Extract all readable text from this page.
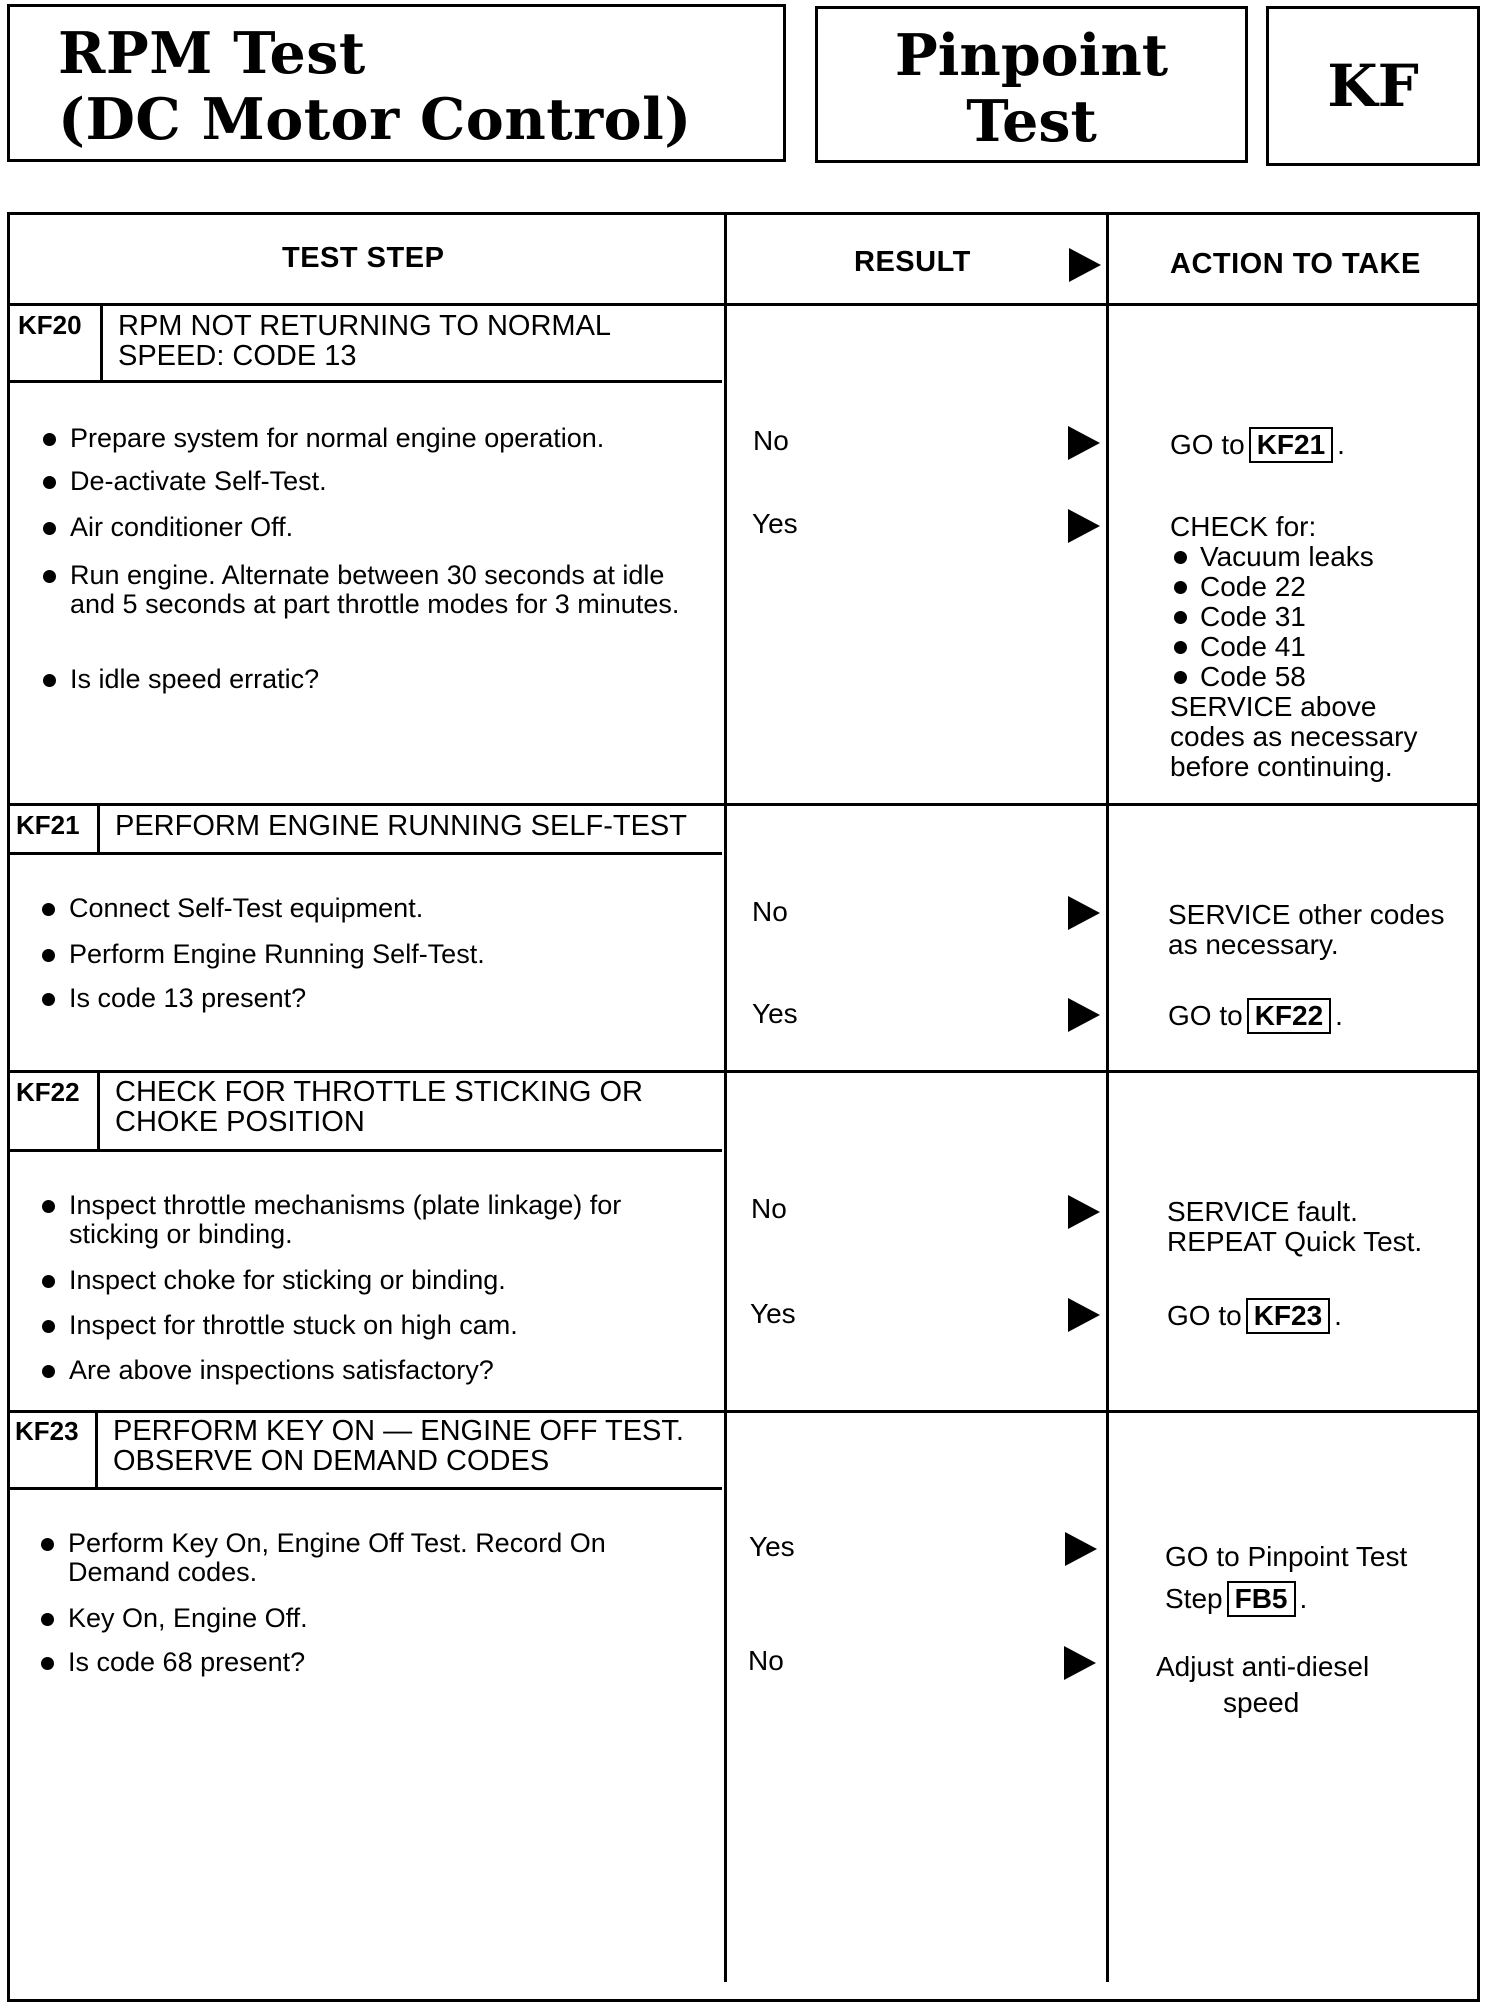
RPM Test
(DC Motor Control)
Pinpoint
Test
KF
TEST STEP	RESULT	ACTION TO TAKE
KF20 RPM NOT RETURNING TO NORMAL
SPEED: CODE 13
Prepare system for normal engine operation.
De-activate Self-Test.
Air conditioner Off.
Run engine. Alternate between 30 seconds at idle and 5 seconds at part throttle modes for 3 minutes.
Is idle speed erratic?
No	GO to KF21 .
Yes	CHECK for:
Vacuum leaks
Code 22
Code 31
Code 41
Code 58
SERVICE above
codes as necessary
before continuing.
KF21 PERFORM ENGINE RUNNING SELF-TEST
Connect Self-Test equipment.
Perform Engine Running Self-Test.
Is code 13 present?
No	SERVICE other codes
as necessary.
Yes	GO to KF22 .
KF22 CHECK FOR THROTTLE STICKING OR
CHOKE POSITION
Inspect throttle mechanisms (plate linkage) for sticking or binding.
Inspect choke for sticking or binding.
Inspect for throttle stuck on high cam.
Are above inspections satisfactory?
No	SERVICE fault.
REPEAT Quick Test.
Yes	GO to KF23 .
KF23 PERFORM KEY ON — ENGINE OFF TEST.
OBSERVE ON DEMAND CODES
Perform Key On, Engine Off Test. Record On Demand codes.
Key On, Engine Off.
Is code 68 present?
Yes	GO to Pinpoint Test
Step FB5 .
No	Adjust anti-diesel
speed
